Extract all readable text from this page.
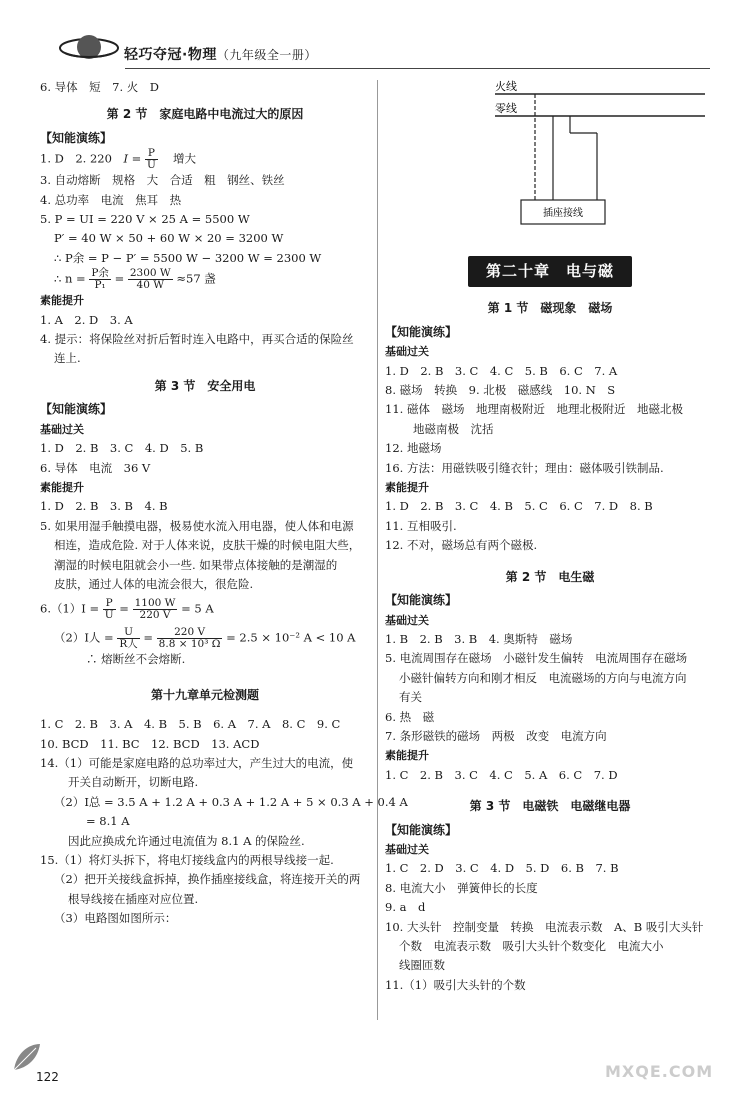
轻巧夺冠·物理（九年级全一册）
6. 导体　短　7. 火　D
第 2 节　家庭电路中电流过大的原因
【知能演练】
1. D　2. 220　$I = \frac{P}{U}$ 　增大
3. 自动熔断　规格　大　合适　粗　钢丝、铁丝
4. 总功率　电流　焦耳　热
5. P = UI = 220 V × 25 A = 5500 W
P′ = 40 W × 50 + 60 W × 20 = 3200 W
∴ P余 = P − P′ = 5500 W − 3200 W = 2300 W
∴ $n = \frac{\text{P余}}{\text{P₁}} = \frac{2300 W}{40 W} \approx 57$ 盏
素能提升
1. A　2. D　3. A
4. 提示：将保险丝对折后暂时连入电路中，再买合适的保险丝
连上.
第 3 节　安全用电
【知能演练】
基础过关
1. D　2. B　3. C　4. D　5. B
6. 导体　电流　36 V
素能提升
1. D　2. B　3. B　4. B
5. 如果用湿手触摸电器，极易使水流入用电器，使人体和电源
相连，造成危险. 对于人体来说，皮肤干燥的时候电阻大些，
潮湿的时候电阻就会小一些. 如果带点体接触的是潮湿的
皮肤，通过人体的电流会很大，很危险.
$6.(1)I = \frac{P}{U} = \frac{1100 W}{220 V} = 5$ A
（2）I人 = $\frac{U}{\text{R人}} = \frac{220 V}{\text{8.8 × 10³ Ω}} = 2.5 \times 10^{-2}$ A < 10 A
∴ 熔断丝不会熔断.
第十九章单元检测题
1. C　2. B　3. A　4. B　5. B　6. A　7. A　8. C　9. C
10. BCD　11. BC　12. BCD　13. ACD
14.（1）可能是家庭电路的总功率过大，产生过大的电流，使
开关自动断开，切断电路.
（2）I总 = 3.5 A + 1.2 A + 0.3 A + 1.2 A + 5 × 0.3 A + 0.4 A
= 8.1 A
因此应换成允许通过电流值为 8.1 A 的保险丝.
15.（1）将灯头拆下，将电灯接线盒内的两根导线接一起.
（2）把开关接线盒拆掉，换作插座接线盒，将连接开关的两
根导线接在插座对应位置.
（3）电路图如图所示：
火线
零线
插座接线
第二十章　电与磁
第 1 节　磁现象　磁场
【知能演练】
基础过关
1. D　2. B　3. C　4. C　5. B　6. C　7. A
8. 磁场　转换　9. 北极　磁感线　10. N　S
11. 磁体　磁场　地理南极附近　地理北极附近　地磁北极
地磁南极　沈括
12. 地磁场
16. 方法：用磁铁吸引缝衣针；理由：磁体吸引铁制品.
素能提升
1. D　2. B　3. C　4. B　5. C　6. C　7. D　8. B
11. 互相吸引.
12. 不对，磁场总有两个磁极.
第 2 节　电生磁
【知能演练】
基础过关
1. B　2. B　3. B　4. 奥斯特　磁场
5. 电流周围存在磁场　小磁针发生偏转　电流周围存在磁场
小磁针偏转方向和刚才相反　电流磁场的方向与电流方向
有关
6. 热　磁
7. 条形磁铁的磁场　两极　改变　电流方向
素能提升
1. C　2. B　3. C　4. C　5. A　6. C　7. D
第 3 节　电磁铁　电磁继电器
【知能演练】
基础过关
1. C　2. D　3. C　4. D　5. D　6. B　7. B
8. 电流大小　弹簧伸长的长度
9. a　d
10. 大头针　控制变量　转换　电流表示数　A、B 吸引大头针
个数　电流表示数　吸引大头针个数变化　电流大小
线圈匝数
11.（1）吸引大头针的个数
122	MXQE.COM
